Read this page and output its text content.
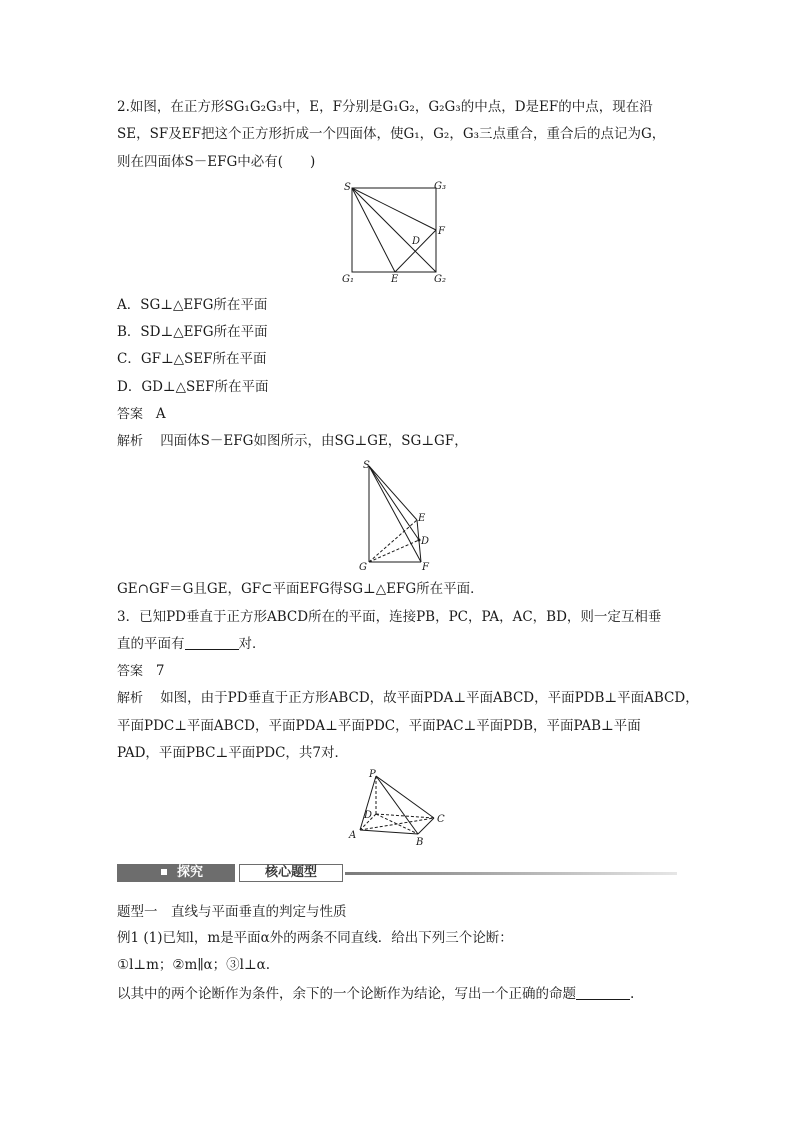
2.如图，在正方形SG₁G₂G₃中，E，F分别是G₁G₂，G₂G₃的中点，D是EF的中点，现在沿
SE，SF及EF把这个正方形折成一个四面体，使G₁，G₂，G₃三点重合，重合后的点记为G，
则在四面体S－EFG中必有(　　)
S	G₃
F
D
G₁	E	G₂
A．SG⊥△EFG所在平面
B．SD⊥△EFG所在平面
C．GF⊥△SEF所在平面
D．GD⊥△SEF所在平面
答案 A
解析 四面体S－EFG如图所示，由SG⊥GE，SG⊥GF，
S
E
D
G	F
GE∩GF＝G且GE，GF⊂平面EFG得SG⊥△EFG所在平面．
3．已知PD垂直于正方形ABCD所在的平面，连接PB，PC，PA，AC，BD，则一定互相垂
直的平面有	对．
答案 7
解析 如图，由于PD垂直于正方形ABCD，故平面PDA⊥平面ABCD，平面PDB⊥平面ABCD，
平面PDC⊥平面ABCD，平面PDA⊥平面PDC，平面PAC⊥平面PDB，平面PAB⊥平面
PAD，平面PBC⊥平面PDC，共7对．
P
D	C
A
B
探究	核心题型
题型一　直线与平面垂直的判定与性质
例1 (1)已知l，m是平面α外的两条不同直线．给出下列三个论断：
①l⊥m；②m∥α；③l⊥α.
以其中的两个论断作为条件，余下的一个论断作为结论，写出一个正确的命题	.
